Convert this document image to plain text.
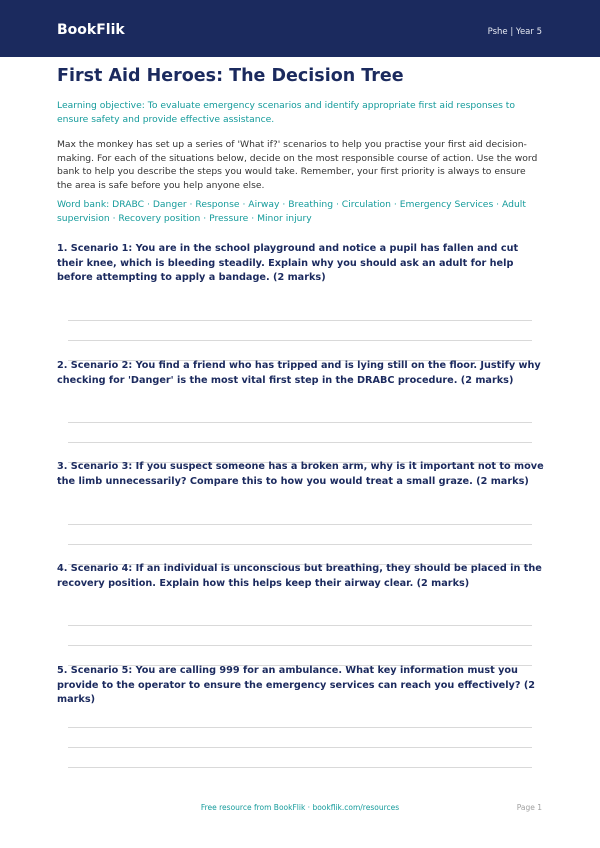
BookFlik	Pshe | Year 5
First Aid Heroes: The Decision Tree
Learning objective: To evaluate emergency scenarios and identify appropriate first aid responses to ensure safety and provide effective assistance.
Max the monkey has set up a series of 'What if?' scenarios to help you practise your first aid decision-making. For each of the situations below, decide on the most responsible course of action. Use the word bank to help you describe the steps you would take. Remember, your first priority is always to ensure the area is safe before you help anyone else.
Word bank: DRABC · Danger · Response · Airway · Breathing · Circulation · Emergency Services · Adult supervision · Recovery position · Pressure · Minor injury
1. Scenario 1: You are in the school playground and notice a pupil has fallen and cut their knee, which is bleeding steadily. Explain why you should ask an adult for help before attempting to apply a bandage. (2 marks)
2. Scenario 2: You find a friend who has tripped and is lying still on the floor. Justify why checking for 'Danger' is the most vital first step in the DRABC procedure. (2 marks)
3. Scenario 3: If you suspect someone has a broken arm, why is it important not to move the limb unnecessarily? Compare this to how you would treat a small graze. (2 marks)
4. Scenario 4: If an individual is unconscious but breathing, they should be placed in the recovery position. Explain how this helps keep their airway clear. (2 marks)
5. Scenario 5: You are calling 999 for an ambulance. What key information must you provide to the operator to ensure the emergency services can reach you effectively? (2 marks)
Free resource from BookFlik · bookflik.com/resources	Page 1
